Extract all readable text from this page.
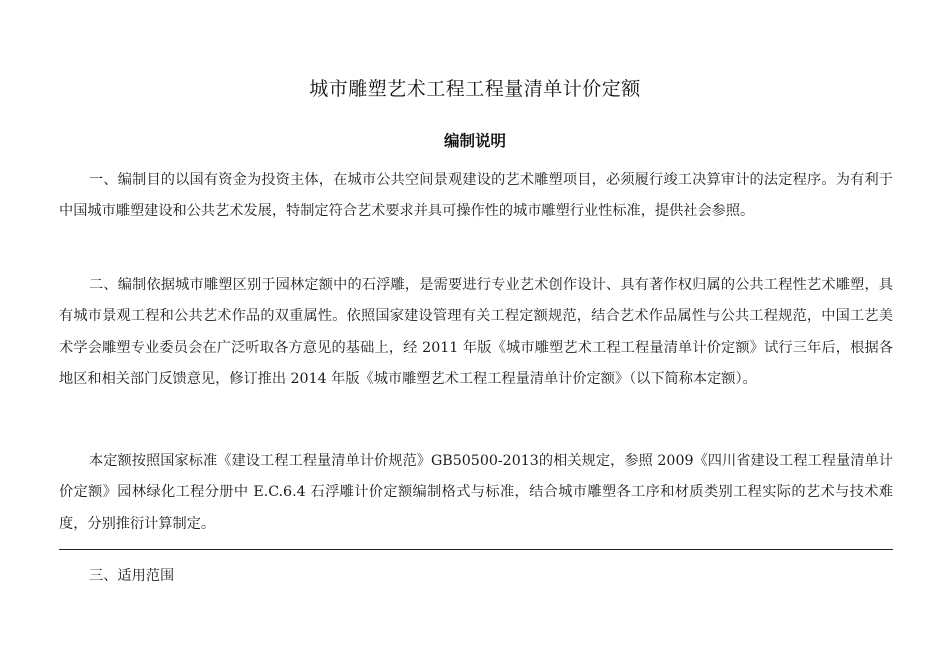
城市雕塑艺术工程工程量清单计价定额
编制说明

一、编制目的以国有资金为投资主体，在城市公共空间景观建设的艺术雕塑项目，必须履行竣工决算审计的法定程序。为有利于中国城市雕塑建设和公共艺术发展，特制定符合艺术要求并具可操作性的城市雕塑行业性标准，提供社会参照。

二、编制依据城市雕塑区别于园林定额中的石浮雕，是需要进行专业艺术创作设计、具有著作权归属的公共工程性艺术雕塑，具有城市景观工程和公共艺术作品的双重属性。依照国家建设管理有关工程定额规范，结合艺术作品属性与公共工程规范，中国工艺美术学会雕塑专业委员会在广泛听取各方意见的基础上，经 2011 年版《城市雕塑艺术工程工程量清单计价定额》试行三年后，根据各地区和相关部门反馈意见，修订推出 2014 年版《城市雕塑艺术工程工程量清单计价定额》（以下简称本定额）。

本定额按照国家标准《建设工程工程量清单计价规范》GB50500-2013的相关规定，参照 2009《四川省建设工程工程量清单计价定额》园林绿化工程分册中 E.C.6.4 石浮雕计价定额编制格式与标准，结合城市雕塑各工序和材质类别工程实际的艺术与技术难度，分别推衍计算制定。

三、适用范围
